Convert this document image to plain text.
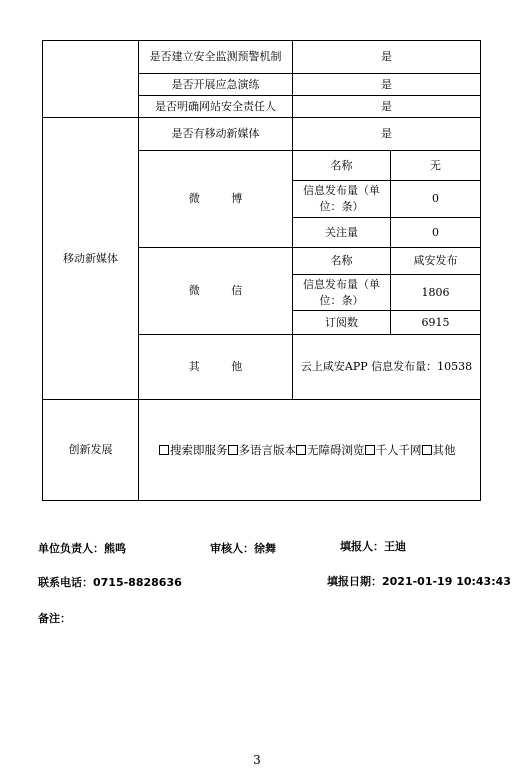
	是否建立安全监测预警机制	是	
	是否开展应急演练	是	
	是否明确网站安全责任人	是	
移动新媒体	是否有移动新媒体	是	
	微 博	名称	无
		信息发布量（单位：条）	0
		关注量	0
	微 信	名称	咸安发布
		信息发布量（单位：条）	1806
		订阅数	6915
	其 他	云上咸安APP 信息发布量：10538	
创新发展	搜索即服务 多语言版本 无障碍浏览 千人千网 其他		
单位负责人：熊鸣	审核人：徐舞	填报人：王迪
联系电话：0715-8828636	填报日期：2021-01-19 10:43:43
备注：
3
